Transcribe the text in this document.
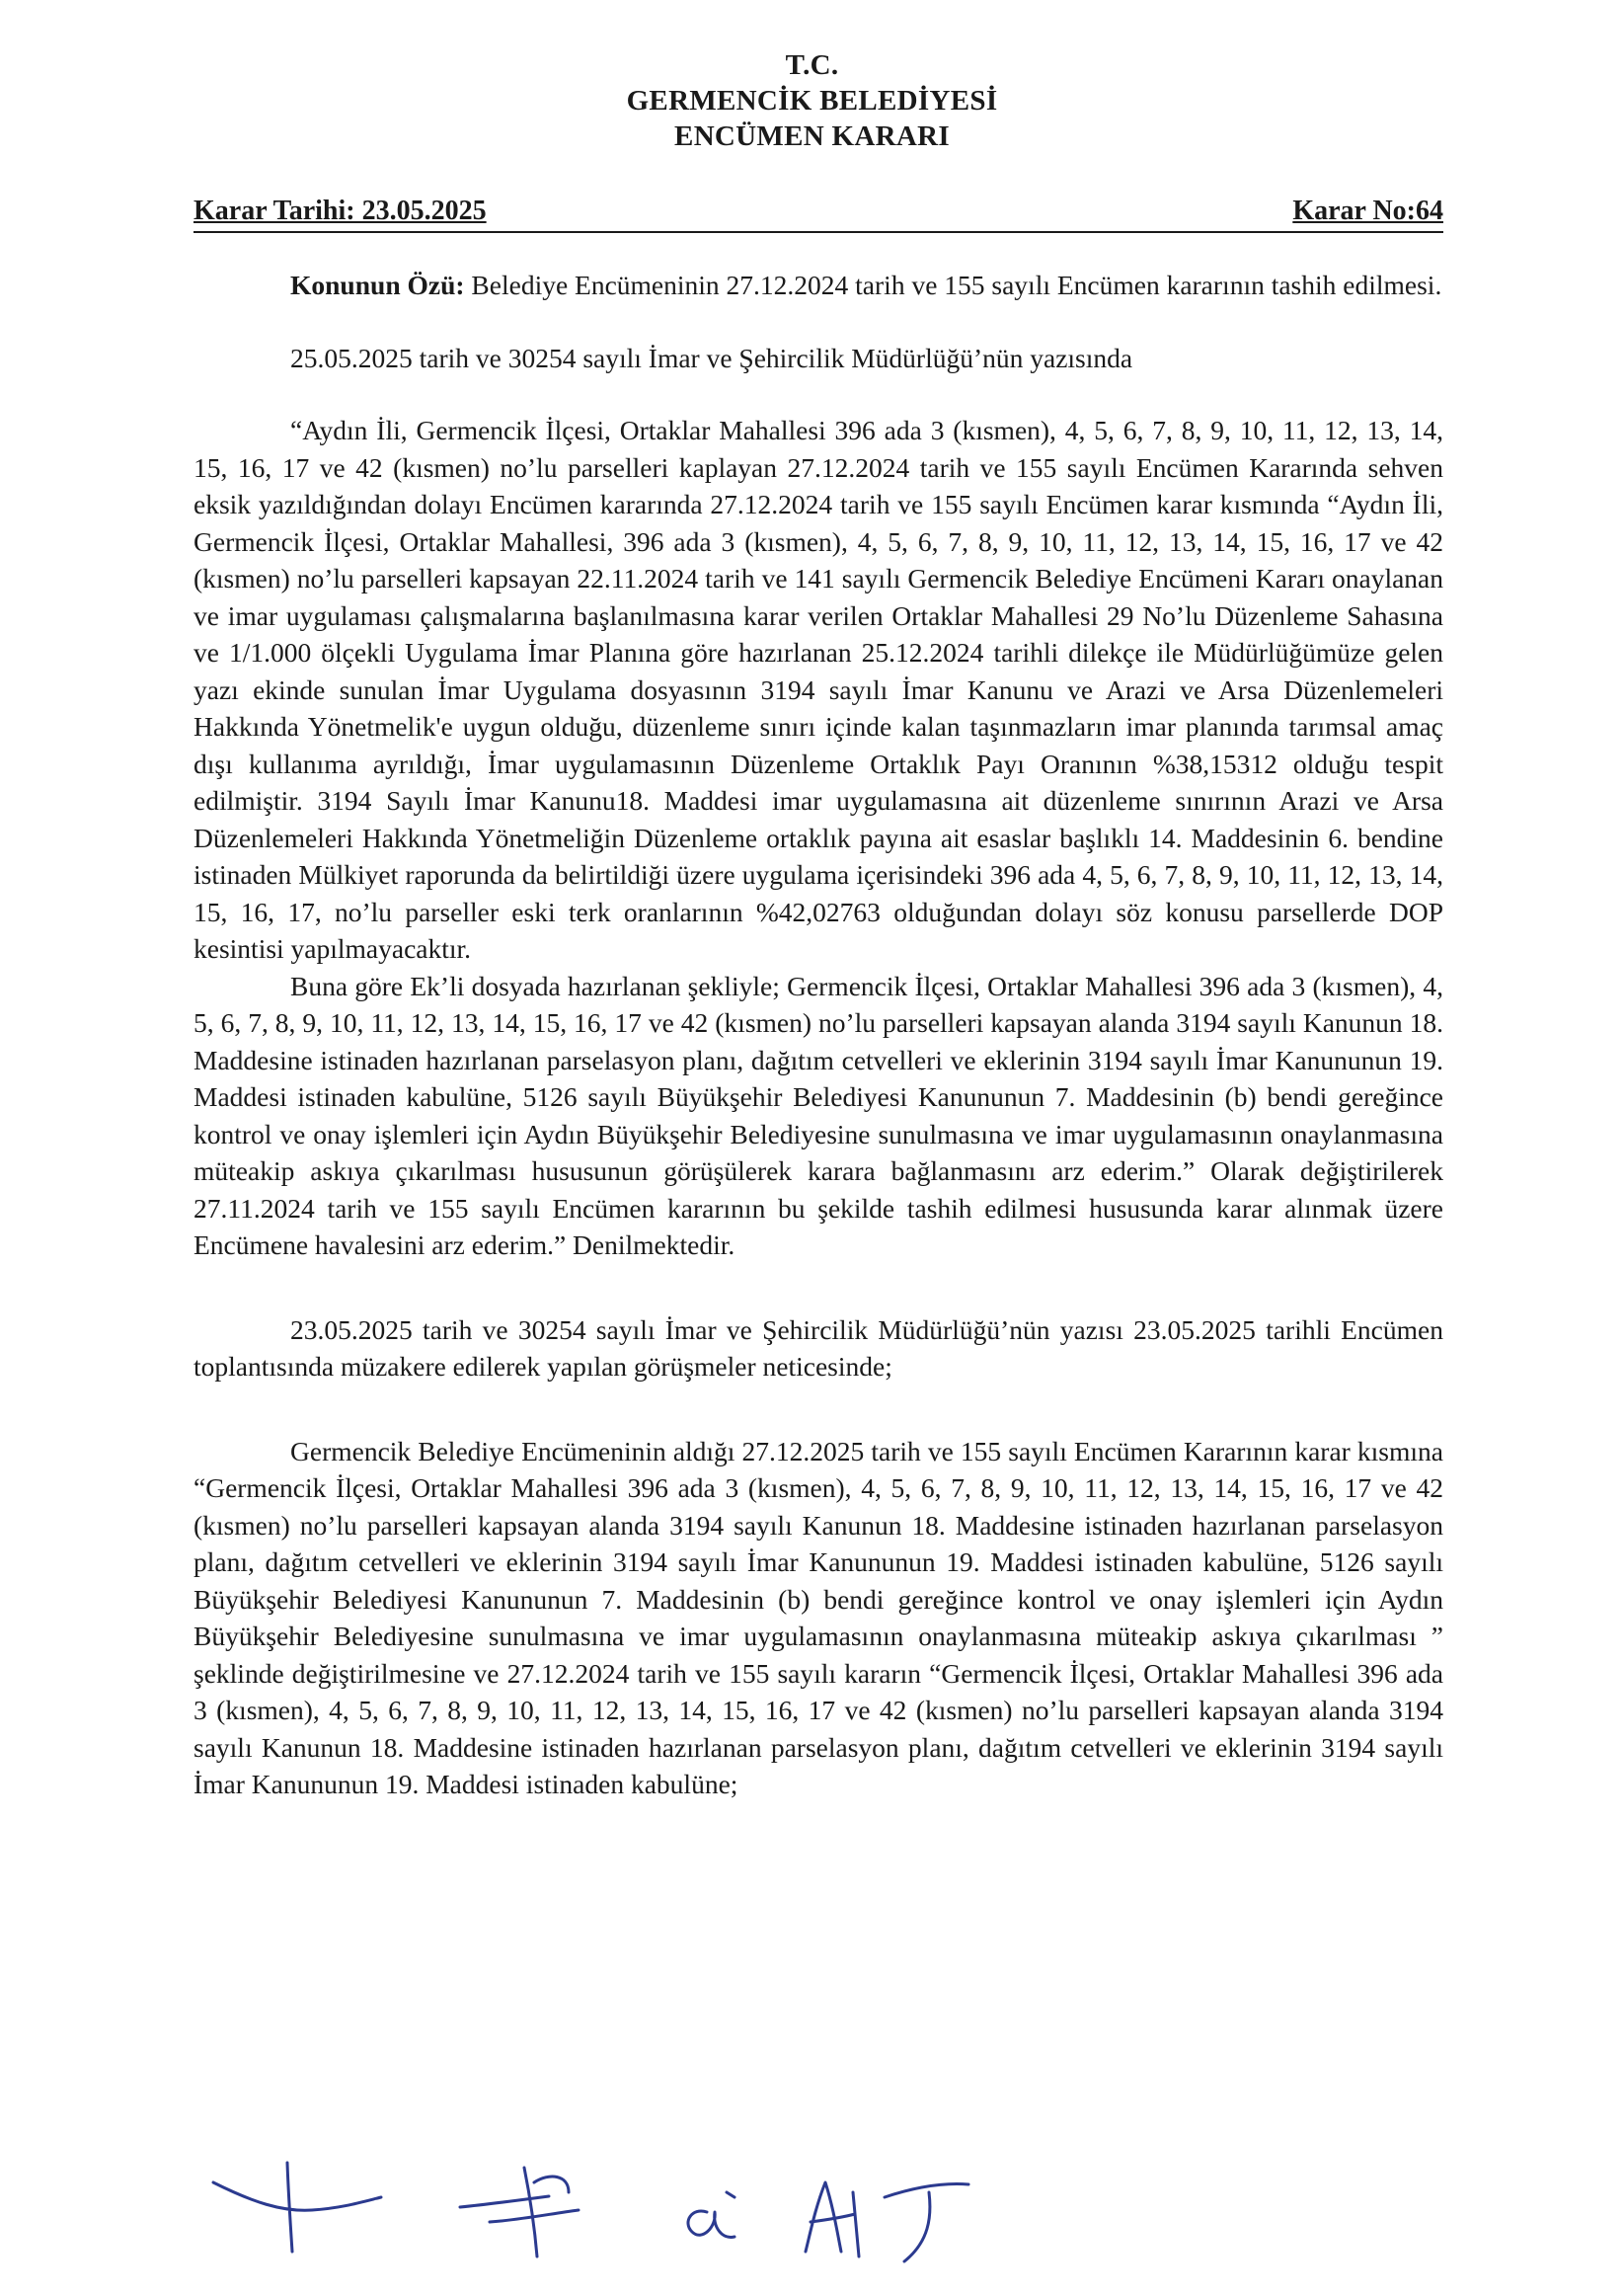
T.C.
GERMENCİK BELEDİYESİ
ENCÜMEN KARARI
Karar Tarihi: 23.05.2025	Karar No:64

Konunun Özü: Belediye Encümeninin 27.12.2024 tarih ve 155 sayılı Encümen kararının tashih edilmesi.

25.05.2025 tarih ve 30254 sayılı İmar ve Şehircilik Müdürlüğü’nün yazısında

“Aydın İli, Germencik İlçesi, Ortaklar Mahallesi 396 ada 3 (kısmen), 4, 5, 6, 7, 8, 9, 10, 11, 12, 13, 14, 15, 16, 17 ve 42 (kısmen) no’lu parselleri kaplayan 27.12.2024 tarih ve 155 sayılı Encümen Kararında sehven eksik yazıldığından dolayı Encümen kararında 27.12.2024 tarih ve 155 sayılı Encümen karar kısmında “Aydın İli, Germencik İlçesi, Ortaklar Mahallesi, 396 ada 3 (kısmen), 4, 5, 6, 7, 8, 9, 10, 11, 12, 13, 14, 15, 16, 17 ve 42 (kısmen) no’lu parselleri kapsayan 22.11.2024 tarih ve 141 sayılı Germencik Belediye Encümeni Kararı onaylanan ve imar uygulaması çalışmalarına başlanılmasına karar verilen Ortaklar Mahallesi 29 No’lu Düzenleme Sahasına ve 1/1.000 ölçekli Uygulama İmar Planına göre hazırlanan 25.12.2024 tarihli dilekçe ile Müdürlüğümüze gelen yazı ekinde sunulan İmar Uygulama dosyasının 3194 sayılı İmar Kanunu ve Arazi ve Arsa Düzenlemeleri Hakkında Yönetmelik'e uygun olduğu, düzenleme sınırı içinde kalan taşınmazların imar planında tarımsal amaç dışı kullanıma ayrıldığı, İmar uygulamasının Düzenleme Ortaklık Payı Oranının %38,15312 olduğu tespit edilmiştir. 3194 Sayılı İmar Kanunu18. Maddesi imar uygulamasına ait düzenleme sınırının Arazi ve Arsa Düzenlemeleri Hakkında Yönetmeliğin Düzenleme ortaklık payına ait esaslar başlıklı 14. Maddesinin 6. bendine istinaden Mülkiyet raporunda da belirtildiği üzere uygulama içerisindeki 396 ada 4, 5, 6, 7, 8, 9, 10, 11, 12, 13, 14, 15, 16, 17, no’lu parseller eski terk oranlarının %42,02763 olduğundan dolayı söz konusu parsellerde DOP kesintisi yapılmayacaktır.

Buna göre Ek’li dosyada hazırlanan şekliyle; Germencik İlçesi, Ortaklar Mahallesi 396 ada 3 (kısmen), 4, 5, 6, 7, 8, 9, 10, 11, 12, 13, 14, 15, 16, 17 ve 42 (kısmen) no’lu parselleri kapsayan alanda 3194 sayılı Kanunun 18. Maddesine istinaden hazırlanan parselasyon planı, dağıtım cetvelleri ve eklerinin 3194 sayılı İmar Kanununun 19. Maddesi istinaden kabulüne, 5126 sayılı Büyükşehir Belediyesi Kanununun 7. Maddesinin (b) bendi gereğince kontrol ve onay işlemleri için Aydın Büyükşehir Belediyesine sunulmasına ve imar uygulamasının onaylanmasına müteakip askıya çıkarılması hususunun görüşülerek karara bağlanmasını arz ederim.” Olarak değiştirilerek 27.11.2024 tarih ve 155 sayılı Encümen kararının bu şekilde tashih edilmesi hususunda karar alınmak üzere Encümene havalesini arz ederim.” Denilmektedir.

23.05.2025 tarih ve 30254 sayılı İmar ve Şehircilik Müdürlüğü’nün yazısı 23.05.2025 tarihli Encümen toplantısında müzakere edilerek yapılan görüşmeler neticesinde;

Germencik Belediye Encümeninin aldığı 27.12.2025 tarih ve 155 sayılı Encümen Kararının karar kısmına “Germencik İlçesi, Ortaklar Mahallesi 396 ada 3 (kısmen), 4, 5, 6, 7, 8, 9, 10, 11, 12, 13, 14, 15, 16, 17 ve 42 (kısmen) no’lu parselleri kapsayan alanda 3194 sayılı Kanunun 18. Maddesine istinaden hazırlanan parselasyon planı, dağıtım cetvelleri ve eklerinin 3194 sayılı İmar Kanununun 19. Maddesi istinaden kabulüne, 5126 sayılı Büyükşehir Belediyesi Kanununun 7. Maddesinin (b) bendi gereğince kontrol ve onay işlemleri için Aydın Büyükşehir Belediyesine sunulmasına ve imar uygulamasının onaylanmasına müteakip askıya çıkarılması ” şeklinde değiştirilmesine ve 27.12.2024 tarih ve 155 sayılı kararın “Germencik İlçesi, Ortaklar Mahallesi 396 ada 3 (kısmen), 4, 5, 6, 7, 8, 9, 10, 11, 12, 13, 14, 15, 16, 17 ve 42 (kısmen) no’lu parselleri kapsayan alanda 3194 sayılı Kanunun 18. Maddesine istinaden hazırlanan parselasyon planı, dağıtım cetvelleri ve eklerinin 3194 sayılı İmar Kanununun 19. Maddesi istinaden kabulüne;
